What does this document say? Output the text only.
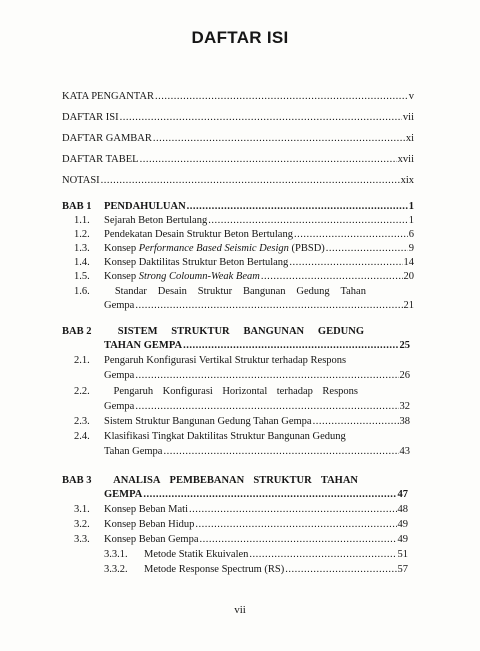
DAFTAR ISI
KATA PENGANTAR .....	v
DAFTAR ISI .....	vii
DAFTAR GAMBAR .....	xi
DAFTAR TABEL .....	xvii
NOTASI .....	xix
BAB 1	PENDAHULUAN .....	1
1.1.	Sejarah Beton Bertulang .....	1
1.2.	Pendekatan Desain Struktur Beton Bertulang .....	6
1.3.	Konsep Performance Based Seismic Design (PBSD) .....	9
1.4.	Konsep Daktilitas Struktur Beton Bertulang .....	14
1.5.	Konsep Strong Coloumn-Weak Beam .....	20
1.6.	Standar Desain Struktur Bangunan Gedung Tahan
Gempa .....	21
BAB 2	SISTEM STRUKTUR BANGUNAN GEDUNG
TAHAN GEMPA .....	25
2.1. Pengaruh Konfigurasi Vertikal Struktur terhadap Respons
Gempa .....	26
2.2.	Pengaruh Konfigurasi Horizontal terhadap Respons
Gempa .....	32
2.3.	Sistem Struktur Bangunan Gedung Tahan Gempa .....	38
2.4. Klasifikasi Tingkat Daktilitas Struktur Bangunan Gedung
Tahan Gempa .....	43
BAB 3	ANALISA PEMBEBANAN STRUKTUR TAHAN
GEMPA .....	47
3.1.	Konsep Beban Mati .....	48
3.2.	Konsep Beban Hidup .....	49
3.3.	Konsep Beban Gempa .....	49
3.3.1.	Metode Statik Ekuivalen .....	51
3.3.2.	Metode Response Spectrum (RS) .....	57
vii
